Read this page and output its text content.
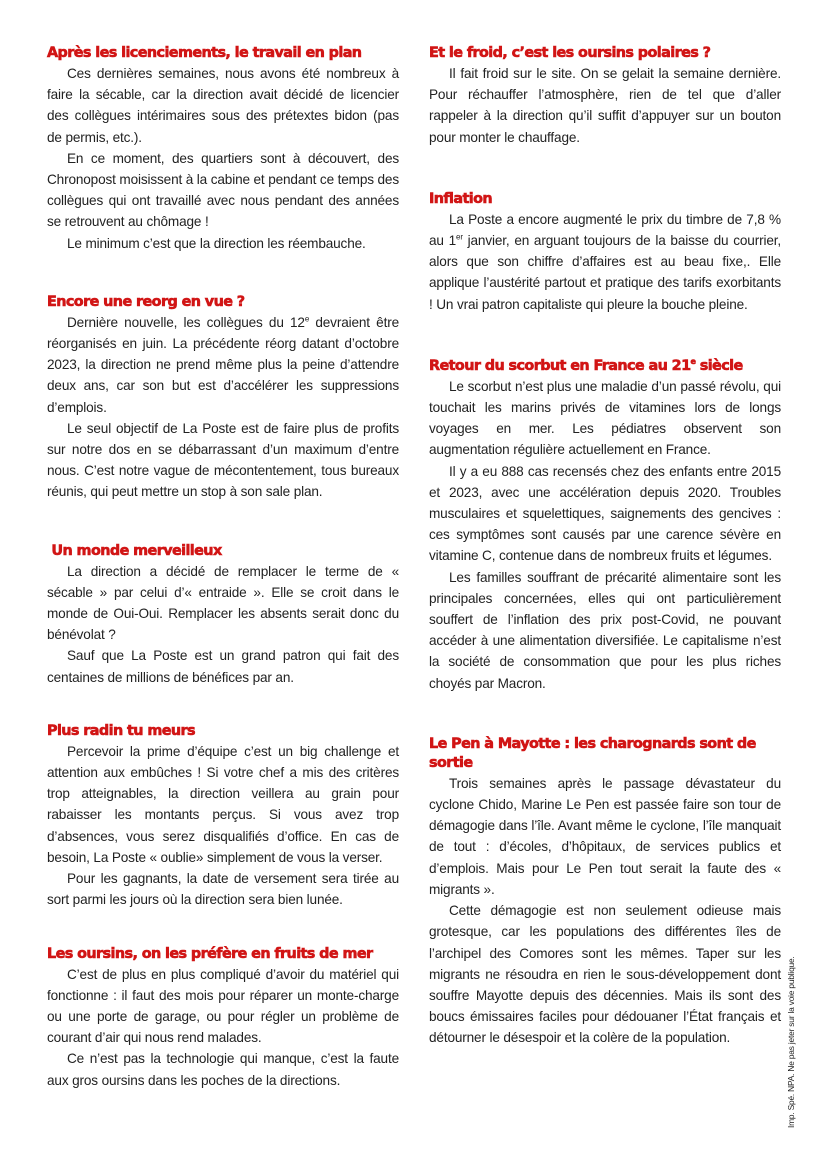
Après les licenciements, le travail en plan

Ces dernières semaines, nous avons été nombreux à faire la sécable, car la direction avait décidé de licencier des collègues intérimaires sous des prétextes bidon (pas de permis, etc.).

En ce moment, des quartiers sont à découvert, des Chronopost moisissent à la cabine et pendant ce temps des collègues qui ont travaillé avec nous pendant des années se retrouvent au chômage !

Le minimum c’est que la direction les réembauche.

Encore une reorg en vue ?

Dernière nouvelle, les collègues du 12e devraient être réorganisés en juin. La précédente réorg datant d’octobre 2023, la direction ne prend même plus la peine d’attendre deux ans, car son but est d’accélérer les suppressions d’emplois.

Le seul objectif de La Poste est de faire plus de profits sur notre dos en se débarrassant d’un maximum d’entre nous. C’est notre vague de mécontentement, tous bureaux réunis, qui peut mettre un stop à son sale plan.

Un monde merveilleux

La direction a décidé de remplacer le terme de « sécable » par celui d’« entraide ». Elle se croit dans le monde de Oui-Oui. Remplacer les absents serait donc du bénévolat ?

Sauf que La Poste est un grand patron qui fait des centaines de millions de bénéfices par an.

Plus radin tu meurs

Percevoir la prime d’équipe c’est un big challenge et attention aux embûches ! Si votre chef a mis des critères trop atteignables, la direction veillera au grain pour rabaisser les montants perçus. Si vous avez trop d’absences, vous serez disqualifiés d’office. En cas de besoin, La Poste « oublie» simplement de vous la verser.

Pour les gagnants, la date de versement sera tirée au sort parmi les jours où la direction sera bien lunée.

Les oursins, on les préfère en fruits de mer

C’est de plus en plus compliqué d’avoir du matériel qui fonctionne : il faut des mois pour réparer un monte-charge ou une porte de garage, ou pour régler un problème de courant d’air qui nous rend malades.

Ce n’est pas la technologie qui manque, c’est la faute aux gros oursins dans les poches de la directions.

Et le froid, c’est les oursins polaires ?

Il fait froid sur le site. On se gelait la semaine dernière. Pour réchauffer l’atmosphère, rien de tel que d’aller rappeler à la direction qu’il suffit d’appuyer sur un bouton pour monter le chauffage.

Inflation

La Poste a encore augmenté le prix du timbre de 7,8 % au 1er janvier, en arguant toujours de la baisse du courrier, alors que son chiffre d’affaires est au beau fixe,. Elle applique l’austérité partout et pratique des tarifs exorbitants ! Un vrai patron capitaliste qui pleure la bouche pleine.

Retour du scorbut en France au 21e siècle

Le scorbut n’est plus une maladie d’un passé révolu, qui touchait les marins privés de vitamines lors de longs voyages en mer. Les pédiatres observent son augmentation régulière actuellement en France.

Il y a eu 888 cas recensés chez des enfants entre 2015 et 2023, avec une accélération depuis 2020. Troubles musculaires et squelettiques, saignements des gencives : ces symptômes sont causés par une carence sévère en vitamine C, contenue dans de nombreux fruits et légumes.

Les familles souffrant de précarité alimentaire sont les principales concernées, elles qui ont particulièrement souffert de l’inflation des prix post-Covid, ne pouvant accéder à une alimentation diversifiée. Le capitalisme n’est la société de consommation que pour les plus riches choyés par Macron.

Le Pen à Mayotte : les charognards sont de sortie

Trois semaines après le passage dévastateur du cyclone Chido, Marine Le Pen est passée faire son tour de démagogie dans l’île. Avant même le cyclone, l’île manquait de tout : d’écoles, d’hôpitaux, de services publics et d’emplois. Mais pour Le Pen tout serait la faute des « migrants ».

Cette démagogie est non seulement odieuse mais grotesque, car les populations des différentes îles de l’archipel des Comores sont les mêmes. Taper sur les migrants ne résoudra en rien le sous-développement dont souffre Mayotte depuis des décennies. Mais ils sont des boucs émissaires faciles pour dédouaner l’État français et détourner le désespoir et la colère de la population.	Imp. Spé. NPA. Ne pas jeter sur la voie publique.
